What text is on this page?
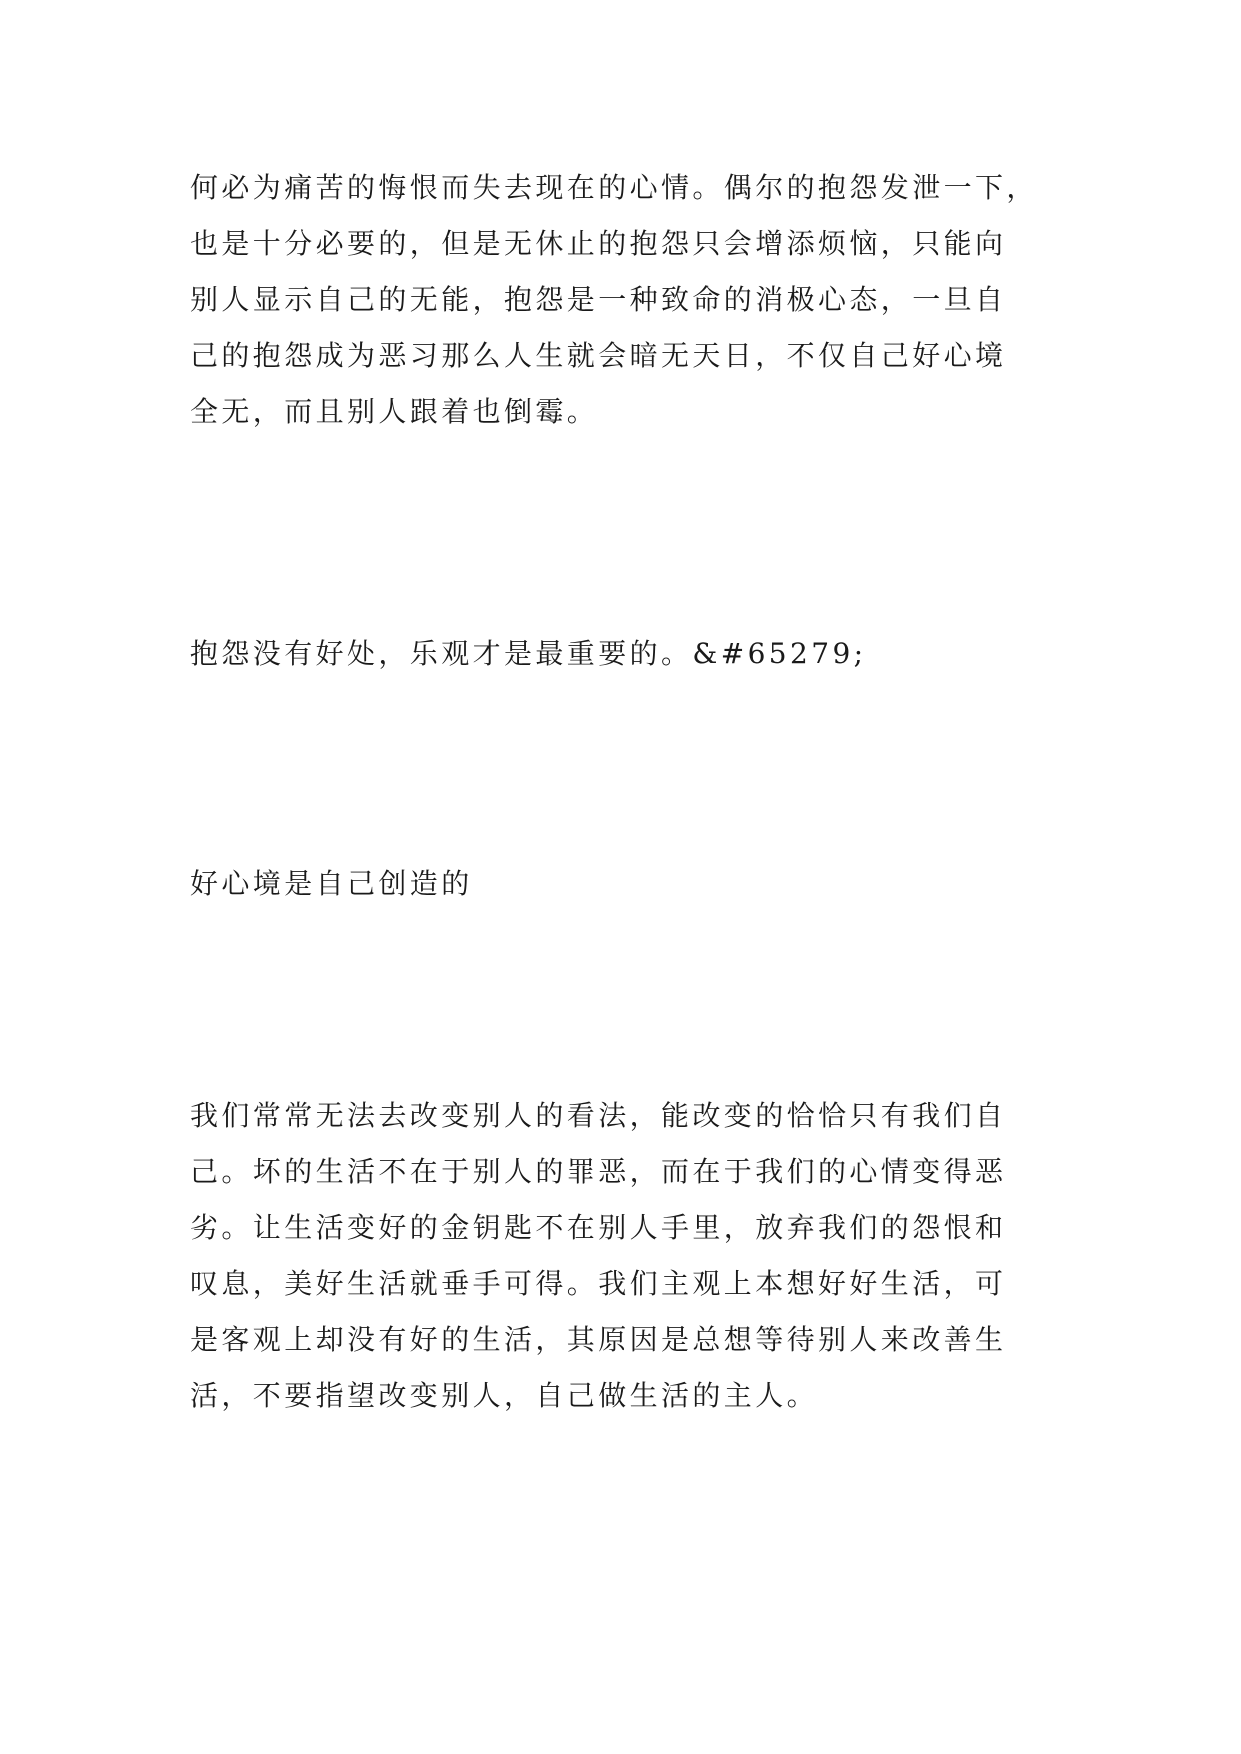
何必为痛苦的悔恨而失去现在的心情。偶尔的抱怨发泄一下，
也是十分必要的，但是无休止的抱怨只会增添烦恼，只能向
别人显示自己的无能，抱怨是一种致命的消极心态，一旦自
己的抱怨成为恶习那么人生就会暗无天日，不仅自己好心境
全无，而且别人跟着也倒霉。
抱怨没有好处，乐观才是最重要的。&#65279;
好心境是自己创造的
我们常常无法去改变别人的看法，能改变的恰恰只有我们自
己。坏的生活不在于别人的罪恶，而在于我们的心情变得恶
劣。让生活变好的金钥匙不在别人手里，放弃我们的怨恨和
叹息，美好生活就垂手可得。我们主观上本想好好生活，可
是客观上却没有好的生活，其原因是总想等待别人来改善生
活，不要指望改变别人，自己做生活的主人。
